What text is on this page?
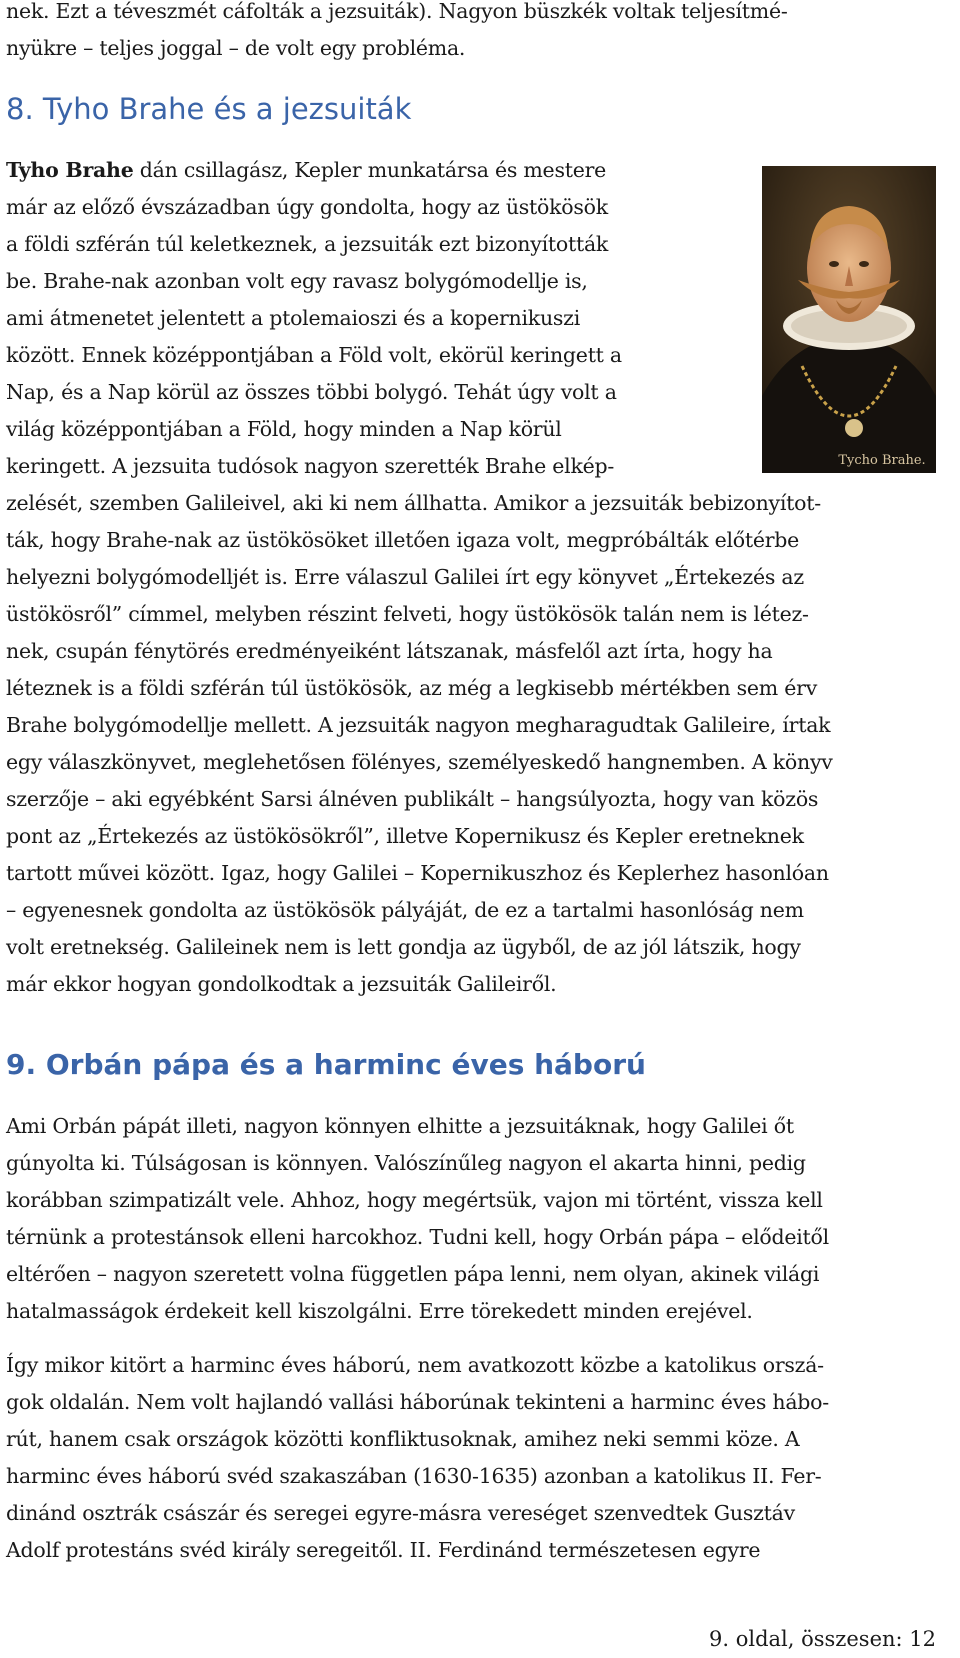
nek. Ezt a téveszmét cáfolták a jezsuiták). Nagyon büszkék voltak teljesítmé-
nyükre – teljes joggal – de volt egy probléma.
8. Tyho Brahe és a jezsuiták
Tycho Brahe.
Tyho Brahe dán csillagász, Kepler munkatársa és mestere
már az előző évszázadban úgy gondolta, hogy az üstökösök
a földi szférán túl keletkeznek, a jezsuiták ezt bizonyították
be. Brahe-nak azonban volt egy ravasz bolygómodellje is,
ami átmenetet jelentett a ptolemaioszi és a kopernikuszi
között. Ennek középpontjában a Föld volt, ekörül keringett a
Nap, és a Nap körül az összes többi bolygó. Tehát úgy volt a
világ középpontjában a Föld, hogy minden a Nap körül
keringett. A jezsuita tudósok nagyon szerették Brahe elkép-
zelését, szemben Galileivel, aki ki nem állhatta. Amikor a jezsuiták bebizonyítot-
ták, hogy Brahe-nak az üstökösöket illetően igaza volt, megpróbálták előtérbe
helyezni bolygómodelljét is. Erre válaszul Galilei írt egy könyvet „Értekezés az
üstökösről” címmel, melyben részint felveti, hogy üstökösök talán nem is létez-
nek, csupán fénytörés eredményeiként látszanak, másfelől azt írta, hogy ha
léteznek is a földi szférán túl üstökösök, az még a legkisebb mértékben sem érv
Brahe bolygómodellje mellett. A jezsuiták nagyon megharagudtak Galileire, írtak
egy válaszkönyvet, meglehetősen fölényes, személyeskedő hangnemben. A könyv
szerzője – aki egyébként Sarsi álnéven publikált – hangsúlyozta, hogy van közös
pont az „Értekezés az üstökösökről”, illetve Kopernikusz és Kepler eretneknek
tartott művei között. Igaz, hogy Galilei – Kopernikuszhoz és Keplerhez hasonlóan
– egyenesnek gondolta az üstökösök pályáját, de ez a tartalmi hasonlóság nem
volt eretnekség. Galileinek nem is lett gondja az ügyből, de az jól látszik, hogy
már ekkor hogyan gondolkodtak a jezsuiták Galileiről.
9. Orbán pápa és a harminc éves háború
Ami Orbán pápát illeti, nagyon könnyen elhitte a jezsuitáknak, hogy Galilei őt
gúnyolta ki. Túlságosan is könnyen. Valószínűleg nagyon el akarta hinni, pedig
korábban szimpatizált vele. Ahhoz, hogy megértsük, vajon mi történt, vissza kell
térnünk a protestánsok elleni harcokhoz. Tudni kell, hogy Orbán pápa – elődeitől
eltérően – nagyon szeretett volna független pápa lenni, nem olyan, akinek világi
hatalmasságok érdekeit kell kiszolgálni. Erre törekedett minden erejével.
Így mikor kitört a harminc éves háború, nem avatkozott közbe a katolikus orszá-
gok oldalán. Nem volt hajlandó vallási háborúnak tekinteni a harminc éves hábo-
rút, hanem csak országok közötti konfliktusoknak, amihez neki semmi köze. A
harminc éves háború svéd szakaszában (1630-1635) azonban a katolikus II. Fer-
dinánd osztrák császár és seregei egyre-másra vereséget szenvedtek Gusztáv
Adolf protestáns svéd király seregeitől. II. Ferdinánd természetesen egyre
9. oldal, összesen: 12
